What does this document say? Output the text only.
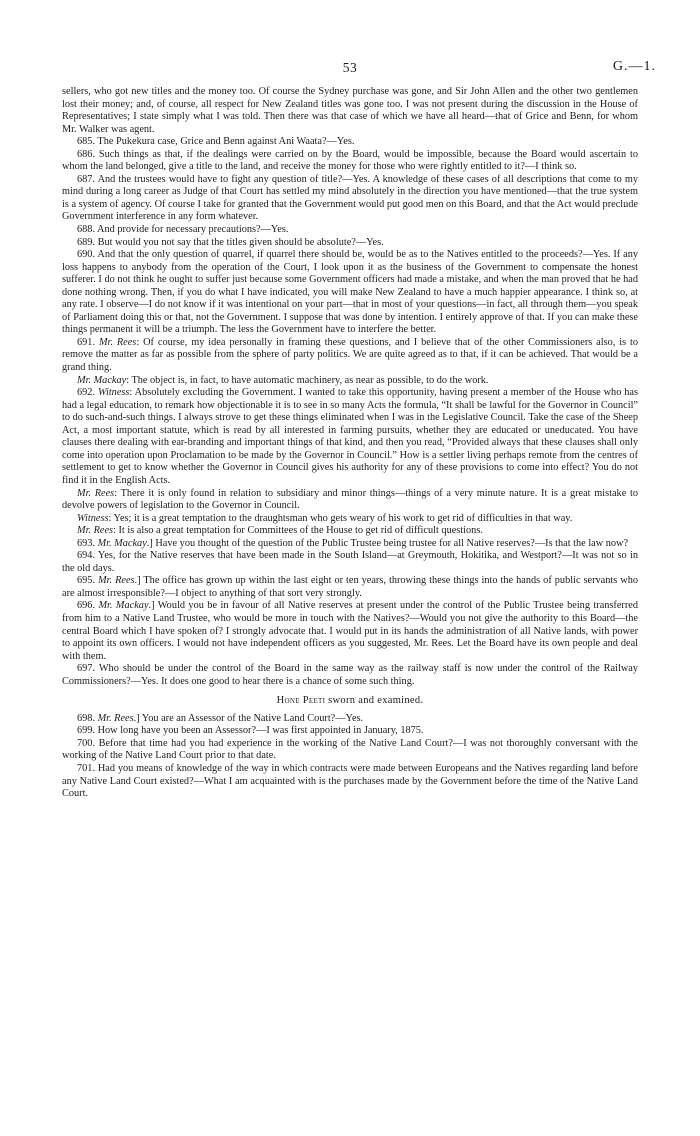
53	G.—1.

sellers, who got new titles and the money too. Of course the Sydney purchase was gone, and Sir John Allen and the other two gentlemen lost their money; and, of course, all respect for New Zealand titles was gone too. I was not present during the discussion in the House of Representatives; I state simply what I was told. Then there was that case of which we have all heard—that of Grice and Benn, for whom Mr. Walker was agent.

685. The Pukekura case, Grice and Benn against Ani Waata?—Yes.

686. Such things as that, if the dealings were carried on by the Board, would be impossible, because the Board would ascertain to whom the land belonged, give a title to the land, and receive the money for those who were rightly entitled to it?—I think so.

687. And the trustees would have to fight any question of title?—Yes. A knowledge of these cases of all descriptions that come to my mind during a long career as Judge of that Court has settled my mind absolutely in the direction you have mentioned—that the true system is a system of agency. Of course I take for granted that the Government would put good men on this Board, and that the Act would preclude Government interference in any form whatever.

688. And provide for necessary precautions?—Yes.

689. But would you not say that the titles given should be absolute?—Yes.

690. And that the only question of quarrel, if quarrel there should be, would be as to the Natives entitled to the proceeds?—Yes. If any loss happens to anybody from the operation of the Court, I look upon it as the business of the Government to compensate the honest sufferer. I do not think he ought to suffer just because some Government officers had made a mistake, and when the man proved that he had done nothing wrong. Then, if you do what I have indicated, you will make New Zealand to have a much happier appearance. I think so, at any rate. I observe—I do not know if it was intentional on your part—that in most of your questions—in fact, all through them—you speak of Parliament doing this or that, not the Government. I suppose that was done by intention. I entirely approve of that. If you can make these things permanent it will be a triumph. The less the Government have to interfere the better.

691. Mr. Rees: Of course, my idea personally in framing these questions, and I believe that of the other Commissioners also, is to remove the matter as far as possible from the sphere of party politics. We are quite agreed as to that, if it can be achieved. That would be a grand thing.

Mr. Mackay: The object is, in fact, to have automatic machinery, as near as possible, to do the work.

692. Witness: Absolutely excluding the Government. I wanted to take this opportunity, having present a member of the House who has had a legal education, to remark how objectionable it is to see in so many Acts the formula, “It shall be lawful for the Governor in Council” to do such-and-such things. I always strove to get these things eliminated when I was in the Legislative Council. Take the case of the Sheep Act, a most important statute, which is read by all interested in farming pursuits, whether they are educated or uneducated. You have clauses there dealing with ear-branding and important things of that kind, and then you read, “Provided always that these clauses shall only come into operation upon Proclamation to be made by the Governor in Council.” How is a settler living perhaps remote from the centres of settlement to get to know whether the Governor in Council gives his authority for any of these provisions to come into effect? You do not find it in the English Acts.

Mr. Rees: There it is only found in relation to subsidiary and minor things—things of a very minute nature. It is a great mistake to devolve powers of legislation to the Governor in Council.

Witness: Yes; it is a great temptation to the draughtsman who gets weary of his work to get rid of difficulties in that way.

Mr. Rees: It is also a great temptation for Committees of the House to get rid of difficult questions.

693. Mr. Mackay.] Have you thought of the question of the Public Trustee being trustee for all Native reserves?—Is that the law now?

694. Yes, for the Native reserves that have been made in the South Island—at Greymouth, Hokitika, and Westport?—It was not so in the old days.

695. Mr. Rees.] The office has grown up within the last eight or ten years, throwing these things into the hands of public servants who are almost irresponsible?—I object to anything of that sort very strongly.

696. Mr. Mackay.] Would you be in favour of all Native reserves at present under the control of the Public Trustee being transferred from him to a Native Land Trustee, who would be more in touch with the Natives?—Would you not give the authority to this Board—the central Board which I have spoken of? I strongly advocate that. I would put in its hands the administration of all Native lands, with power to appoint its own officers. I would not have independent officers as you suggested, Mr. Rees. Let the Board have its own people and deal with them.

697. Who should be under the control of the Board in the same way as the railway staff is now under the control of the Railway Commissioners?—Yes. It does one good to hear there is a chance of some such thing.

Hone Peeti sworn and examined.

698. Mr. Rees.] You are an Assessor of the Native Land Court?—Yes.

699. How long have you been an Assessor?—I was first appointed in January, 1875.

700. Before that time had you had experience in the working of the Native Land Court?—I was not thoroughly conversant with the working of the Native Land Court prior to that date.

701. Had you means of knowledge of the way in which contracts were made between Europeans and the Natives regarding land before any Native Land Court existed?—What I am acquainted with is the purchases made by the Government before the time of the Native Land Court.
